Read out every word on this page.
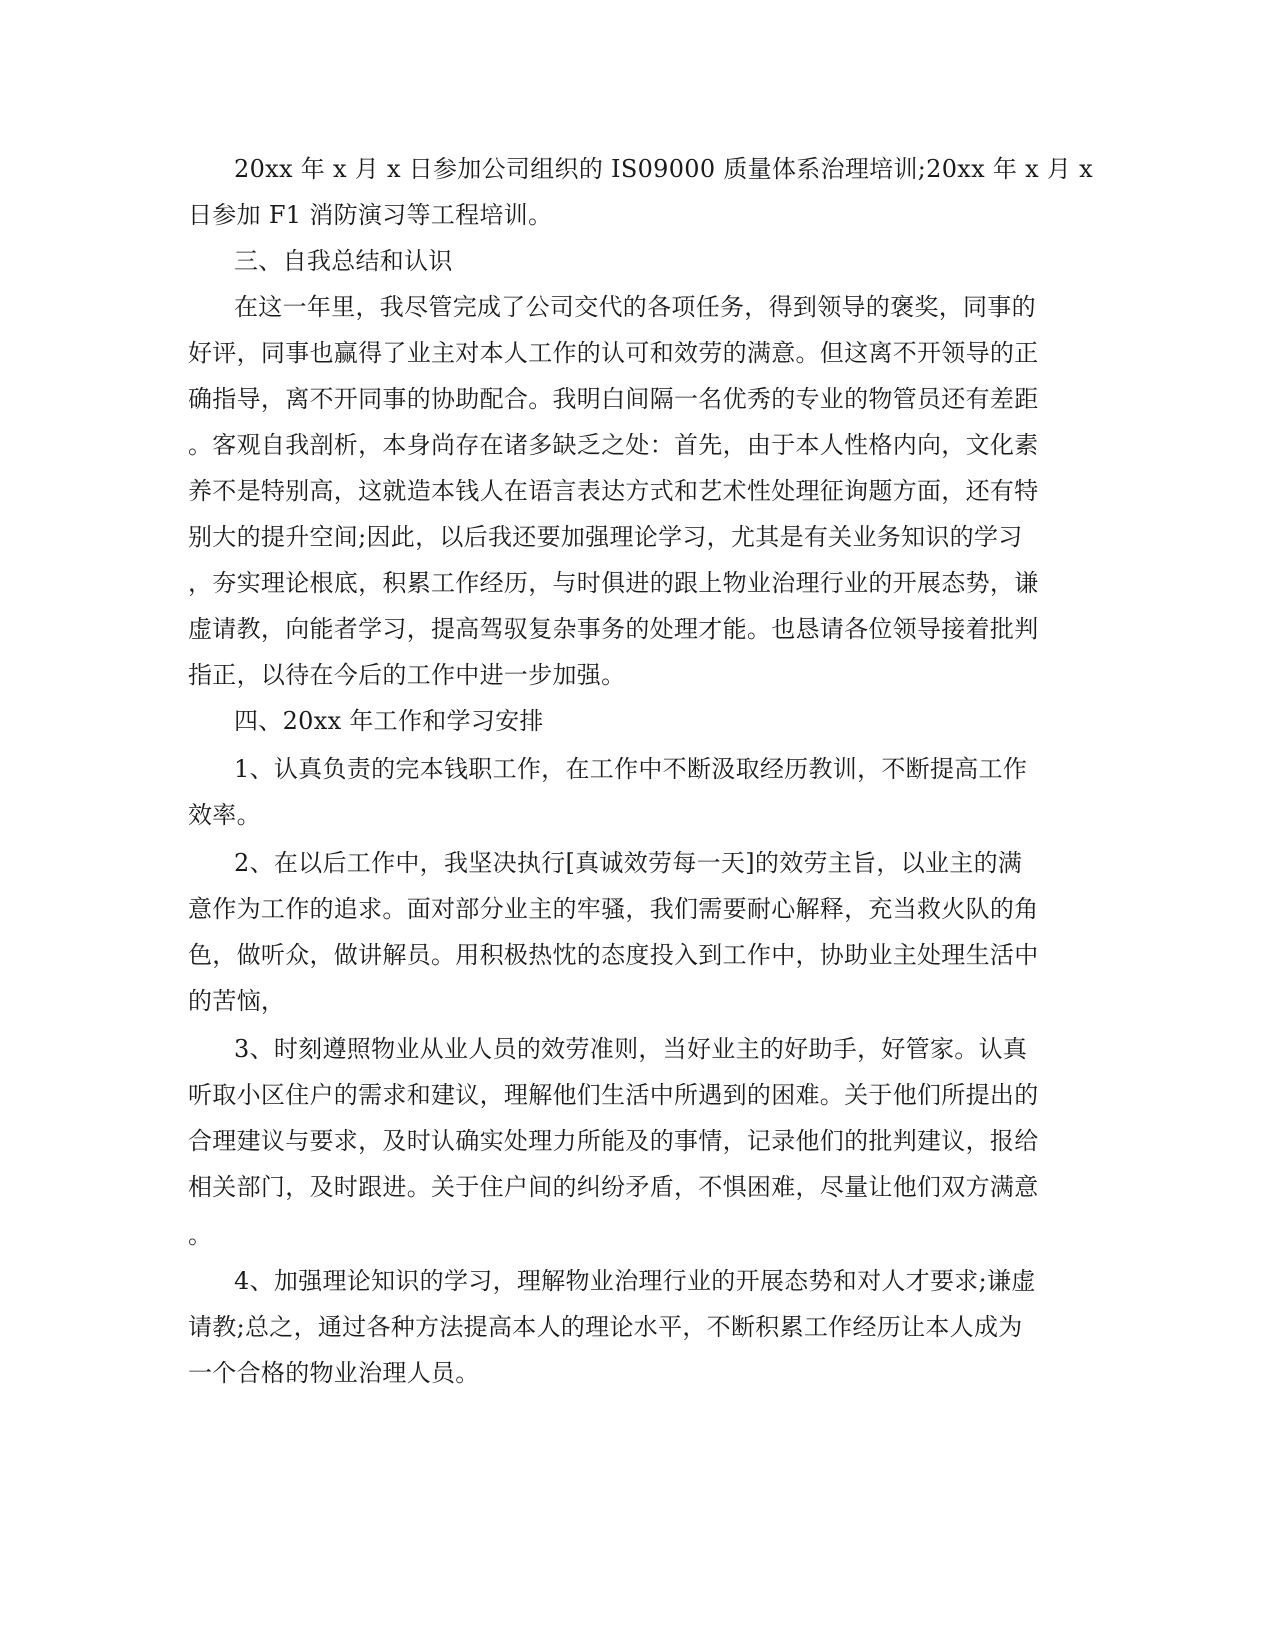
20xx 年 x 月 x 日参加公司组织的 IS09000 质量体系治理培训;20xx 年 x 月 x
日参加 F1 消防演习等工程培训。
三、自我总结和认识
在这一年里，我尽管完成了公司交代的各项任务，得到领导的褒奖，同事的
好评，同事也赢得了业主对本人工作的认可和效劳的满意。但这离不开领导的正
确指导，离不开同事的协助配合。我明白间隔一名优秀的专业的物管员还有差距
。客观自我剖析，本身尚存在诸多缺乏之处：首先，由于本人性格内向，文化素
养不是特别高，这就造本钱人在语言表达方式和艺术性处理征询题方面，还有特
别大的提升空间;因此，以后我还要加强理论学习，尤其是有关业务知识的学习
，夯实理论根底，积累工作经历，与时俱进的跟上物业治理行业的开展态势，谦
虚请教，向能者学习，提高驾驭复杂事务的处理才能。也恳请各位领导接着批判
指正，以待在今后的工作中进一步加强。
四、20xx 年工作和学习安排
1、认真负责的完本钱职工作，在工作中不断汲取经历教训，不断提高工作
效率。
2、在以后工作中，我坚决执行[真诚效劳每一天]的效劳主旨，以业主的满
意作为工作的追求。面对部分业主的牢骚，我们需要耐心解释，充当救火队的角
色，做听众，做讲解员。用积极热忱的态度投入到工作中，协助业主处理生活中
的苦恼，
3、时刻遵照物业从业人员的效劳准则，当好业主的好助手，好管家。认真
听取小区住户的需求和建议，理解他们生活中所遇到的困难。关于他们所提出的
合理建议与要求，及时认确实处理力所能及的事情，记录他们的批判建议，报给
相关部门，及时跟进。关于住户间的纠纷矛盾，不惧困难，尽量让他们双方满意
。
4、加强理论知识的学习，理解物业治理行业的开展态势和对人才要求;谦虚
请教;总之，通过各种方法提高本人的理论水平，不断积累工作经历让本人成为
一个合格的物业治理人员。
